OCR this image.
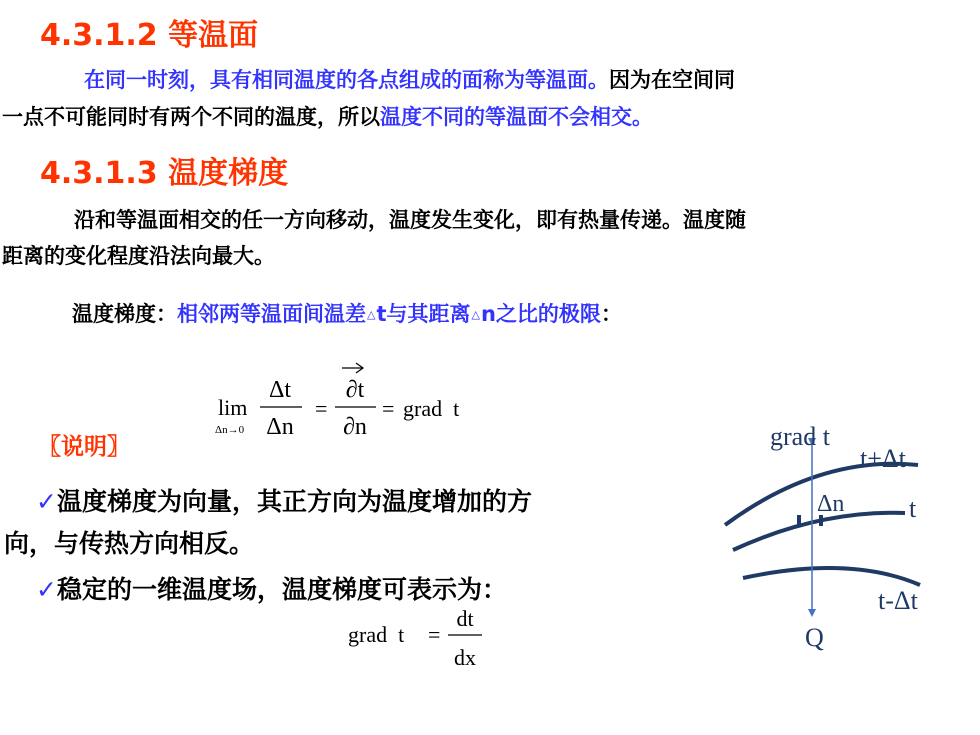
4.3.1.2 等温面
在同一时刻，具有相同温度的各点组成的面称为等温面。因为在空间同
一点不可能同时有两个不同的温度，所以温度不同的等温面不会相交。
4.3.1.3 温度梯度
沿和等温面相交的任一方向移动，温度发生变化，即有热量传递。温度随
距离的变化程度沿法向最大。
温度梯度：相邻两等温面间温差△t与其距离△n之比的极限：
lim
Δn→0
Δt
Δn
=
∂t
∂n
= grad  t
〖说明〗
✓温度梯度为向量，其正方向为温度增加的方
向，与传热方向相反。
✓稳定的一维温度场，温度梯度可表示为：
grad  t =
dt
dx
grad t
t+Δt
Δn t
t-Δt
Q
